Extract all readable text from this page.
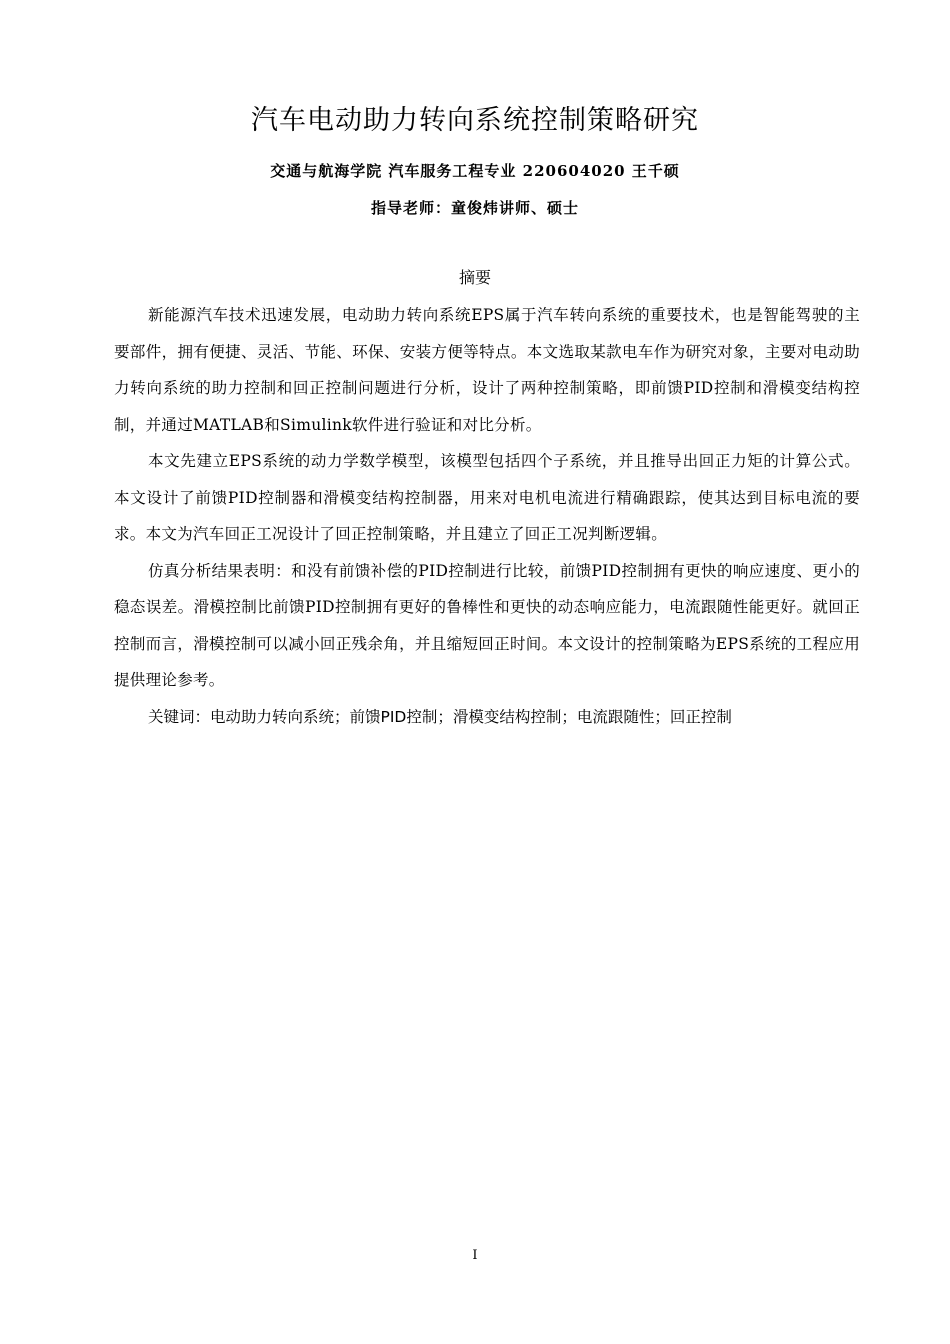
汽车电动助力转向系统控制策略研究
交通与航海学院 汽车服务工程专业 220604020 王千硕
指导老师：童俊炜讲师、硕士
摘要

新能源汽车技术迅速发展，电动助力转向系统EPS属于汽车转向系统的重要技术，也是智能驾驶的主要部件，拥有便捷、灵活、节能、环保、安装方便等特点。本文选取某款电车作为研究对象，主要对电动助力转向系统的助力控制和回正控制问题进行分析，设计了两种控制策略，即前馈PID控制和滑模变结构控制，并通过MATLAB和Simulink软件进行验证和对比分析。

本文先建立EPS系统的动力学数学模型，该模型包括四个子系统，并且推导出回正力矩的计算公式。本文设计了前馈PID控制器和滑模变结构控制器，用来对电机电流进行精确跟踪，使其达到目标电流的要求。本文为汽车回正工况设计了回正控制策略，并且建立了回正工况判断逻辑。

仿真分析结果表明：和没有前馈补偿的PID控制进行比较，前馈PID控制拥有更快的响应速度、更小的稳态误差。滑模控制比前馈PID控制拥有更好的鲁棒性和更快的动态响应能力，电流跟随性能更好。就回正控制而言，滑模控制可以减小回正残余角，并且缩短回正时间。本文设计的控制策略为EPS系统的工程应用提供理论参考。

关键词：电动助力转向系统；前馈PID控制；滑模变结构控制；电流跟随性；回正控制

I
